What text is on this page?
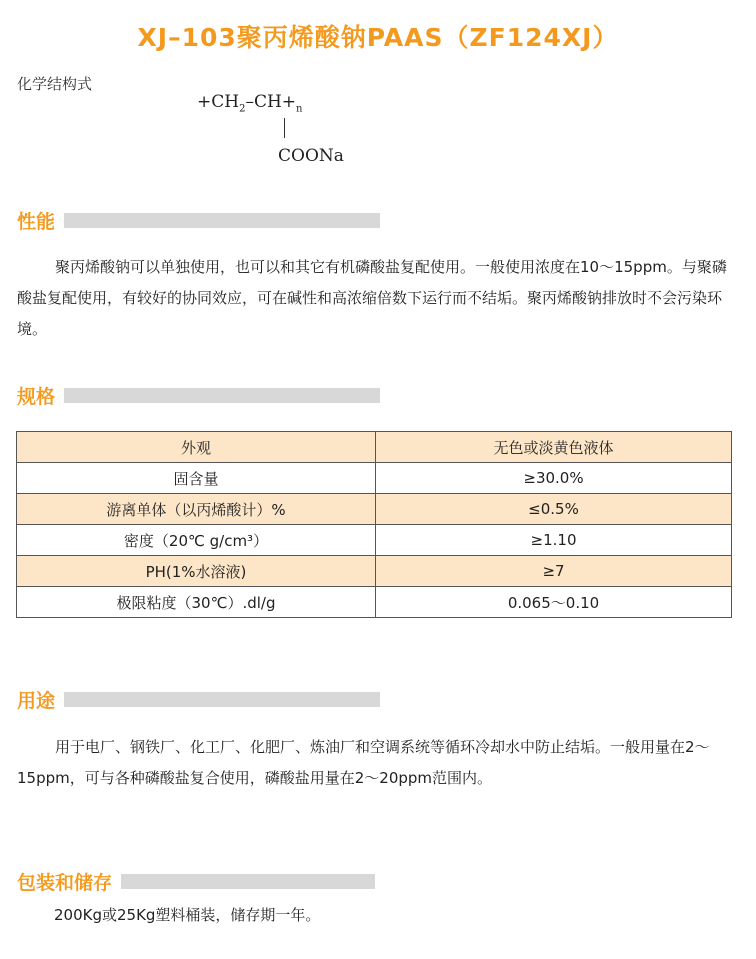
XJ–103聚丙烯酸钠PAAS（ZF124XJ）
化学结构式
$+CH_2-CH+_n$
COONa
性能
聚丙烯酸钠可以单独使用，也可以和其它有机磷酸盐复配使用。一般使用浓度在10～15ppm。与聚磷酸盐复配使用，有较好的协同效应，可在碱性和高浓缩倍数下运行而不结垢。聚丙烯酸钠排放时不会污染环境。
规格
外观	无色或淡黄色液体
固含量	≥30.0%
游离单体（以丙烯酸计）%	≤0.5%
密度（20℃ g/cm³）	≥1.10
PH(1%水溶液)	≥7
极限粘度（30℃）.dl/g	0.065～0.10
用途
用于电厂、钢铁厂、化工厂、化肥厂、炼油厂和空调系统等循环冷却水中防止结垢。一般用量在2～15ppm，可与各种磷酸盐复合使用，磷酸盐用量在2～20ppm范围内。
包装和储存
200Kg或25Kg塑料桶装，储存期一年。
